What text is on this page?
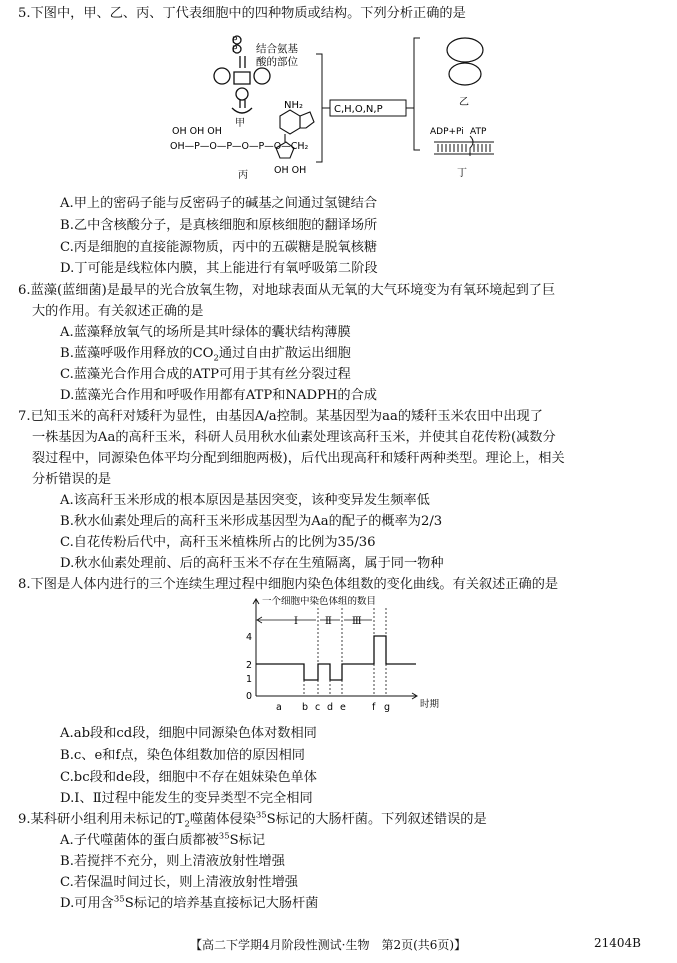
5.下图中，甲、乙、丙、丁代表细胞中的四种物质或结构。下列分析正确的是
P
P 结合氨基
酸的部位
甲
NH₂
OH OH OH
OH—P—O—P—O—P—O—CH₂
OH OH
丙
C,H,O,N,P
乙
ADP+Pi ATP
丁
A.甲上的密码子能与反密码子的碱基之间通过氢键结合
B.乙中含核酸分子，是真核细胞和原核细胞的翻译场所
C.丙是细胞的直接能源物质，丙中的五碳糖是脱氧核糖
D.丁可能是线粒体内膜，其上能进行有氧呼吸第二阶段
6.蓝藻(蓝细菌)是最早的光合放氧生物，对地球表面从无氧的大气环境变为有氧环境起到了巨
大的作用。有关叙述正确的是
A.蓝藻释放氧气的场所是其叶绿体的囊状结构薄膜
B.蓝藻呼吸作用释放的$CO_2$通过自由扩散运出细胞
C.蓝藻光合作用合成的ATP可用于其有丝分裂过程
D.蓝藻光合作用和呼吸作用都有ATP和NADPH的合成
7.已知玉米的高秆对矮秆为显性，由基因A/a控制。某基因型为aa的矮秆玉米农田中出现了
一株基因为Aa的高秆玉米，科研人员用秋水仙素处理该高秆玉米，并使其自花传粉(减数分
裂过程中，同源染色体平均分配到细胞两极)，后代出现高秆和矮秆两种类型。理论上，相关
分析错误的是
A.该高秆玉米形成的根本原因是基因突变，该种变异发生频率低
B.秋水仙素处理后的高秆玉米形成基因型为Aa的配子的概率为2/3
C.自花传粉后代中，高秆玉米植株所占的比例为35/36
D.秋水仙素处理前、后的高秆玉米不存在生殖隔离，属于同一物种
8.下图是人体内进行的三个连续生理过程中细胞内染色体组数的变化曲线。有关叙述正确的是
一个细胞中染色体组的数目
时期
4
2
1
0
Ⅰ	Ⅱ Ⅲ
a b c d e	f g
A.ab段和cd段，细胞中同源染色体对数相同
B.c、e和f点，染色体组数加倍的原因相同
C.bc段和de段，细胞中不存在姐妹染色单体
D.Ⅰ、Ⅱ过程中能发生的变异类型不完全相同
9.某科研小组利用未标记的$T_2$噬菌体侵染$^{35}$S标记的大肠杆菌。下列叙述错误的是
A.子代噬菌体的蛋白质都被$^{35}$S标记
B.若搅拌不充分，则上清液放射性增强
C.若保温时间过长，则上清液放射性增强
D.可用含$^{35}$S标记的培养基直接标记大肠杆菌
【高二下学期4月阶段性测试·生物　第2页(共6页)】	21404B
